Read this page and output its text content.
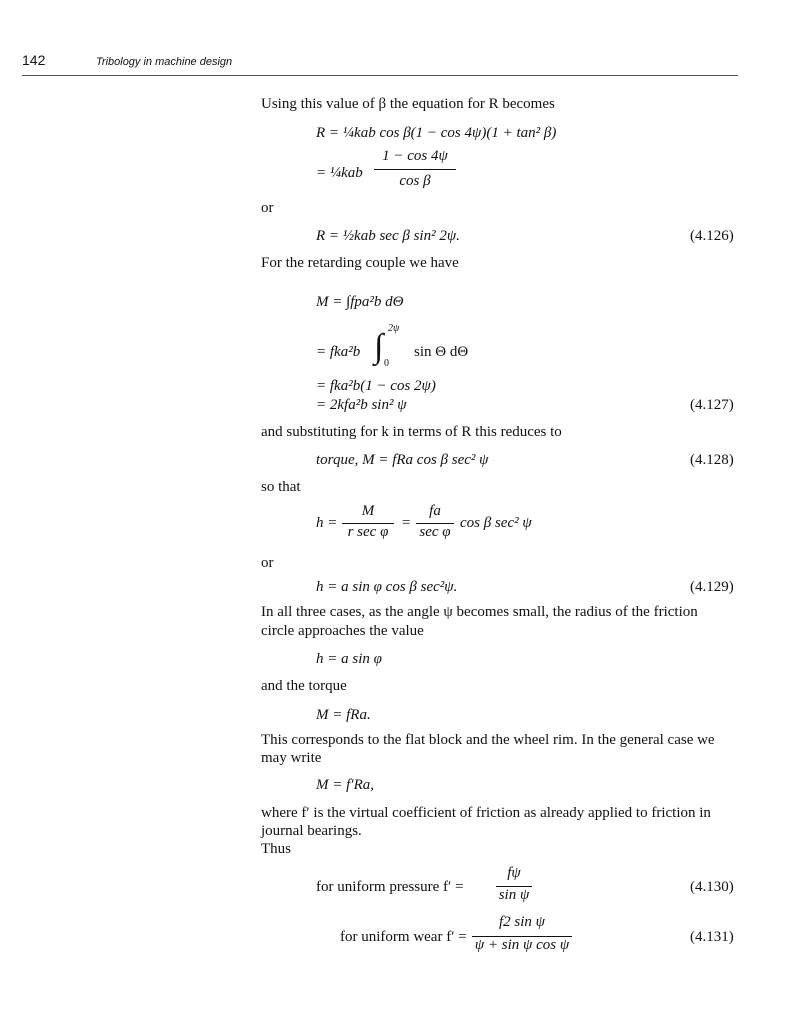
142	Tribology in machine design
Using this value of β the equation for R becomes
R = ¼kab cos β(1 − cos 4ψ)(1 + tan² β)
= ¼kab
1 − cos 4ψ
cos β
or
R = ½kab sec β sin² 2ψ.	(4.126)
For the retarding couple we have
M = ∫fpa²b dΘ
= fka²b ∫ 2ψ
0
sin Θ dΘ
= fka²b(1 − cos 2ψ)
= 2kfa²b sin² ψ	(4.127)
and substituting for k in terms of R this reduces to
torque, M = fRa cos β sec² ψ	(4.128)
so that
h =
M
r sec φ
=
fa
sec φ
cos β sec² ψ
or
h = a sin φ cos β sec²ψ.	(4.129)
In all three cases, as the angle ψ becomes small, the radius of the friction
circle approaches the value
h = a sin φ
and the torque
M = fRa.
This corresponds to the flat block and the wheel rim. In the general case we
may write
M = f′Ra,
where f′ is the virtual coefficient of friction as already applied to friction in
journal bearings.
Thus
for uniform pressure f′ =
fψ
sin ψ	(4.130)
for uniform wear f′ =
f2 sin ψ
ψ + sin ψ cos ψ	(4.131)
